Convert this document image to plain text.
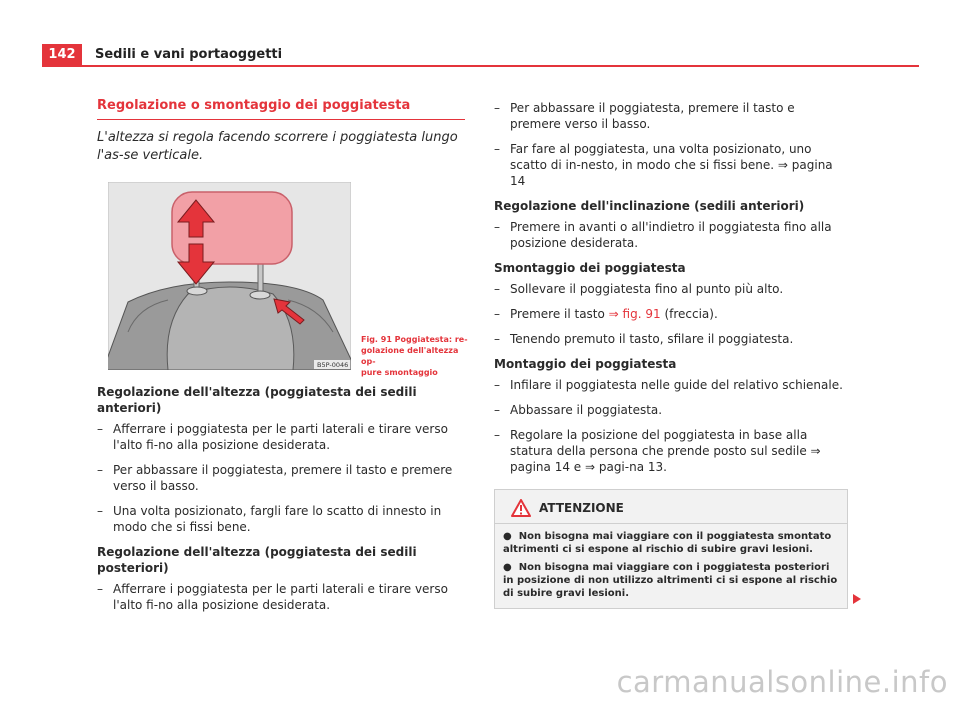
142	Sedili e vani portaoggetti
Regolazione o smontaggio dei poggiatesta
L'altezza si regola facendo scorrere i poggiatesta lungo l'as-se verticale.
B5P-0046
Fig. 91 Poggiatesta: re-
golazione dell'altezza op-
pure smontaggio
Regolazione dell'altezza (poggiatesta dei sedili anteriori)
– Afferrare i poggiatesta per le parti laterali e tirare verso l'alto fi-no alla posizione desiderata.
– Per abbassare il poggiatesta, premere il tasto e premere verso il basso.
– Una volta posizionato, fargli fare lo scatto di innesto in modo che si fissi bene.
Regolazione dell'altezza (poggiatesta dei sedili posteriori)
– Afferrare i poggiatesta per le parti laterali e tirare verso l'alto fi-no alla posizione desiderata.
– Per abbassare il poggiatesta, premere il tasto e premere verso il basso.
– Far fare al poggiatesta, una volta posizionato, uno scatto di in-nesto, in modo che si fissi bene. ⇒ pagina 14
Regolazione dell'inclinazione (sedili anteriori)
– Premere in avanti o all'indietro il poggiatesta fino alla posizione desiderata.
Smontaggio dei poggiatesta
– Sollevare il poggiatesta fino al punto più alto.
– Premere il tasto ⇒ fig. 91 (freccia).
– Tenendo premuto il tasto, sfilare il poggiatesta.
Montaggio dei poggiatesta
– Infilare il poggiatesta nelle guide del relativo schienale.
– Abbassare il poggiatesta.
– Regolare la posizione del poggiatesta in base alla statura della persona che prende posto sul sedile ⇒ pagina 14 e ⇒ pagi-na 13.
ATTENZIONE
● Non bisogna mai viaggiare con il poggiatesta smontato altrimenti ci si espone al rischio di subire gravi lesioni.
● Non bisogna mai viaggiare con i poggiatesta posteriori in posizione di non utilizzo altrimenti ci si espone al rischio di subire gravi lesioni.
carmanualsonline.info
